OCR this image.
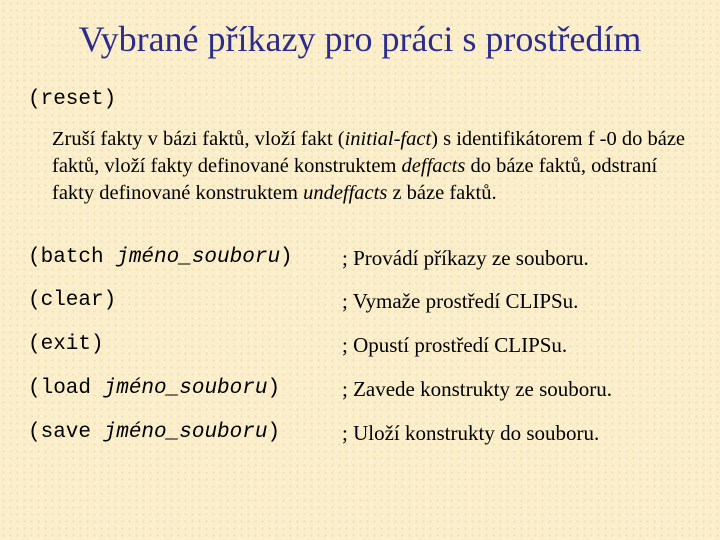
Vybrané příkazy pro práci s prostředím
(reset)
Zruší fakty v bázi faktů, vloží fakt (initial-fact) s identifikátorem f -0 do báze faktů, vloží fakty definované konstruktem deffacts do báze faktů, odstraní fakty definované konstruktem undeffacts z báze faktů.
(batch jméno_souboru) ; Provádí příkazy ze souboru.
(clear)	; Vymaže prostředí CLIPSu.
(exit)	; Opustí prostředí CLIPSu.
(load jméno_souboru)	; Zavede konstrukty ze souboru.
(save jméno_souboru)	; Uloží konstrukty do souboru.
